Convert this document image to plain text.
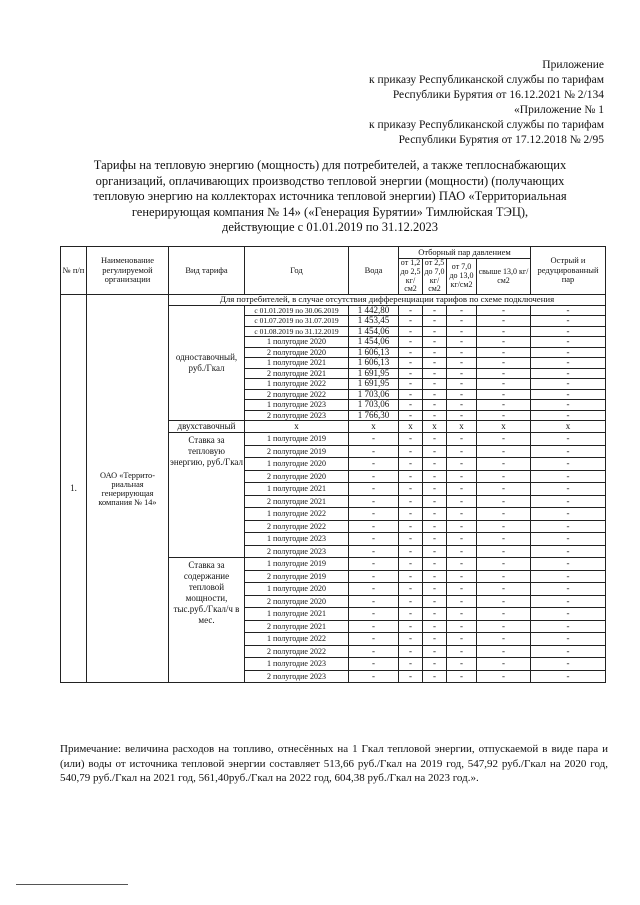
Приложение
к приказу Республиканской службы по тарифам
Республики Бурятия от 16.12.2021 № 2/134
«Приложение № 1
к приказу Республиканской службы по тарифам
Республики Бурятия от 17.12.2018 № 2/95
Тарифы на тепловую энергию (мощность) для потребителей, а также теплоснабжающих
организаций, оплачивающих производство тепловой энергии (мощности) (получающих
тепловую энергию на коллекторах источника тепловой энергии) ПАО «Территориальная
генерирующая компания № 14» («Генерация Бурятии» Тимлюйская ТЭЦ),
действующие с 01.01.2019 по 31.12.2023
№ п/п	Наименование регулируемой организации	Вид тарифа	Год	Вода	Отборный пар давлением				Острый и редуцированный пар
					от 1,2 до 2,5 кг/см2	от 2,5 до 7,0 кг/см2	от 7,0 до 13,0 кг/см2	свыше 13,0 кг/см2	
1.	ОАО «Террито-риальная генерирующая компания № 14»	Для потребителей, в случае отсутствия дифференциации тарифов по схеме подключения							
		одноставочный, руб./Гкал	с 01.01.2019 по 30.06.2019	1 442,80	-	-	-	-	-
			с 01.07.2019 по 31.07.2019	1 453,45	-	-	-	-	-
			с 01.08.2019 по 31.12.2019	1 454,06	-	-	-	-	-
			1 полугодие 2020	1 454,06	-	-	-	-	-
			2 полугодие 2020	1 606,13	-	-	-	-	-
			1 полугодие 2021	1 606,13	-	-	-	-	-
			2 полугодие 2021	1 691,95	-	-	-	-	-
			1 полугодие 2022	1 691,95	-	-	-	-	-
			2 полугодие 2022	1 703,06	-	-	-	-	-
			1 полугодие 2023	1 703,06	-	-	-	-	-
			2 полугодие 2023	1 766,30	-	-	-	-	-
		двухставочный	х	х	х	х	х	х	х
		Ставка за тепловую энергию, руб./Гкал	1 полугодие 2019	-	-	-	-	-	-
			2 полугодие 2019	-	-	-	-	-	-
			1 полугодие 2020	-	-	-	-	-	-
			2 полугодие 2020	-	-	-	-	-	-
			1 полугодие 2021	-	-	-	-	-	-
			2 полугодие 2021	-	-	-	-	-	-
			1 полугодие 2022	-	-	-	-	-	-
			2 полугодие 2022	-	-	-	-	-	-
			1 полугодие 2023	-	-	-	-	-	-
			2 полугодие 2023	-	-	-	-	-	-
		Ставка за содержание тепловой мощности, тыс.руб./Гкал/ч в мес.	1 полугодие 2019	-	-	-	-	-	-
			2 полугодие 2019	-	-	-	-	-	-
			1 полугодие 2020	-	-	-	-	-	-
			2 полугодие 2020	-	-	-	-	-	-
			1 полугодие 2021	-	-	-	-	-	-
			2 полугодие 2021	-	-	-	-	-	-
			1 полугодие 2022	-	-	-	-	-	-
			2 полугодие 2022	-	-	-	-	-	-
			1 полугодие 2023	-	-	-	-	-	-
			2 полугодие 2023	-	-	-	-	-	-
Примечание: величина расходов на топливо, отнесённых на 1 Гкал тепловой энергии, отпускаемой в виде пара и (или) воды от источника тепловой энергии составляет 513,66 руб./Гкал на 2019 год, 547,92 руб./Гкал на 2020 год, 540,79 руб./Гкал на 2021 год, 561,40руб./Гкал на 2022 год, 604,38 руб./Гкал на 2023 год.».
